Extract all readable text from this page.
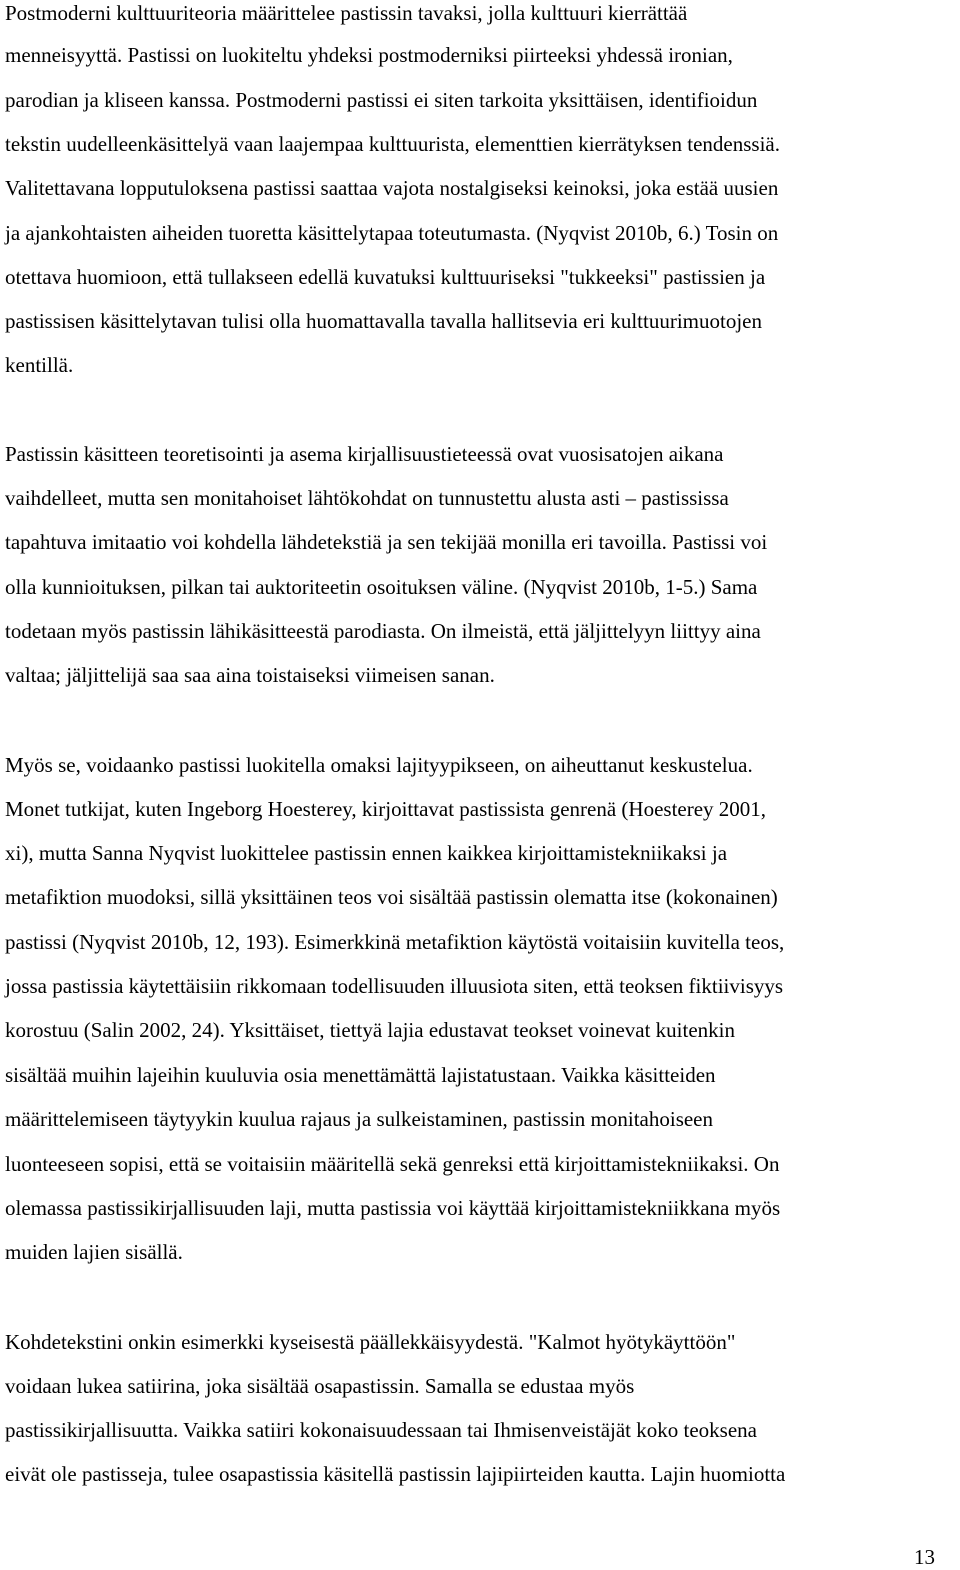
Postmoderni kulttuuriteoria määrittelee pastissin tavaksi, jolla kulttuuri kierrättää

menneisyyttä. Pastissi on luokiteltu yhdeksi postmoderniksi piirteeksi yhdessä ironian,

parodian ja kliseen kanssa. Postmoderni pastissi ei siten tarkoita yksittäisen, identifioidun

tekstin uudelleenkäsittelyä vaan laajempaa kulttuurista, elementtien kierrätyksen tendenssiä.

Valitettavana lopputuloksena pastissi saattaa vajota nostalgiseksi keinoksi, joka estää uusien

ja ajankohtaisten aiheiden tuoretta käsittelytapaa toteutumasta. (Nyqvist 2010b, 6.) Tosin on

otettava huomioon, että tullakseen edellä kuvatuksi kulttuuriseksi "tukkeeksi" pastissien ja

pastissisen käsittelytavan tulisi olla huomattavalla tavalla hallitsevia eri kulttuurimuotojen

kentillä.

Pastissin käsitteen teoretisointi ja asema kirjallisuustieteessä ovat vuosisatojen aikana

vaihdelleet, mutta sen monitahoiset lähtökohdat on tunnustettu alusta asti – pastississa

tapahtuva imitaatio voi kohdella lähdetekstiä ja sen tekijää monilla eri tavoilla. Pastissi voi

olla kunnioituksen, pilkan tai auktoriteetin osoituksen väline. (Nyqvist 2010b, 1-5.) Sama

todetaan myös pastissin lähikäsitteestä parodiasta. On ilmeistä, että jäljittelyyn liittyy aina

valtaa; jäljittelijä saa saa aina toistaiseksi viimeisen sanan.

Myös se, voidaanko pastissi luokitella omaksi lajityypikseen, on aiheuttanut keskustelua.

Monet tutkijat, kuten Ingeborg Hoesterey, kirjoittavat pastissista genrenä (Hoesterey 2001,

xi), mutta Sanna Nyqvist luokittelee pastissin ennen kaikkea kirjoittamistekniikaksi ja

metafiktion muodoksi, sillä yksittäinen teos voi sisältää pastissin olematta itse (kokonainen)

pastissi (Nyqvist 2010b, 12, 193). Esimerkkinä metafiktion käytöstä voitaisiin kuvitella teos,

jossa pastissia käytettäisiin rikkomaan todellisuuden illuusiota siten, että teoksen fiktiivisyys

korostuu (Salin 2002, 24). Yksittäiset, tiettyä lajia edustavat teokset voinevat kuitenkin

sisältää muihin lajeihin kuuluvia osia menettämättä lajistatustaan. Vaikka käsitteiden

määrittelemiseen täytyykin kuulua rajaus ja sulkeistaminen, pastissin monitahoiseen

luonteeseen sopisi, että se voitaisiin määritellä sekä genreksi että kirjoittamistekniikaksi. On

olemassa pastissikirjallisuuden laji, mutta pastissia voi käyttää kirjoittamistekniikkana myös

muiden lajien sisällä.

Kohdetekstini onkin esimerkki kyseisestä päällekkäisyydestä. "Kalmot hyötykäyttöön"

voidaan lukea satiirina, joka sisältää osapastissin. Samalla se edustaa myös

pastissikirjallisuutta. Vaikka satiiri kokonaisuudessaan tai Ihmisenveistäjät koko teoksena

eivät ole pastisseja, tulee osapastissia käsitellä pastissin lajipiirteiden kautta. Lajin huomiotta

13
